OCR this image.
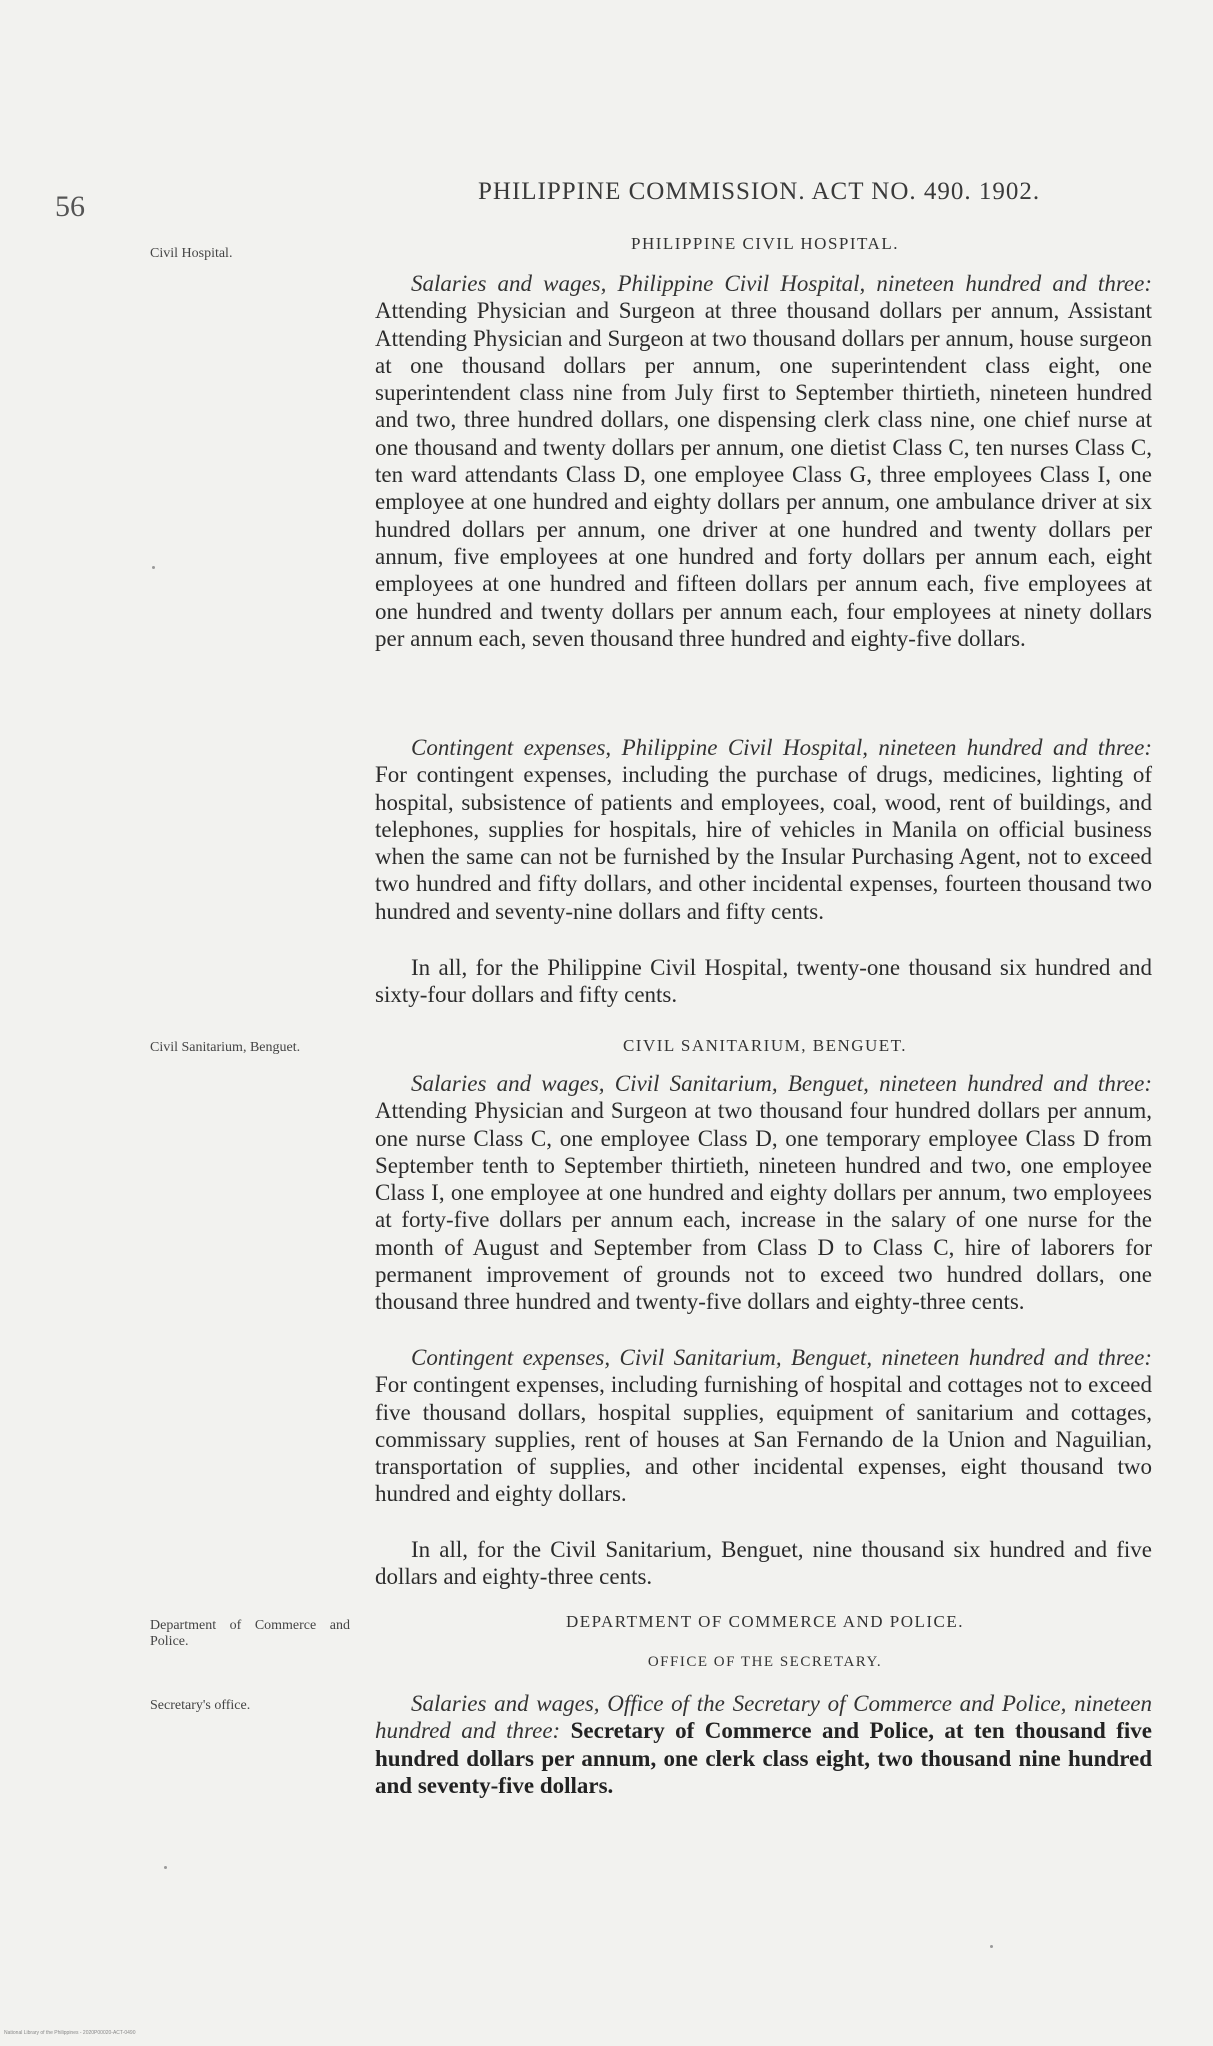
56	PHILIPPINE COMMISSION. ACT NO. 490. 1902.
Civil Hospital.
PHILIPPINE CIVIL HOSPITAL.
Salaries and wages, Philippine Civil Hospital, nineteen hundred and three: Attending Physician and Surgeon at three thousand dollars per annum, Assistant Attending Physician and Surgeon at two thousand dollars per annum, house surgeon at one thousand dollars per annum, one superintendent class eight, one superintendent class nine from July first to September thirtieth, nineteen hundred and two, three hundred dollars, one dispensing clerk class nine, one chief nurse at one thousand and twenty dollars per annum, one dietist Class C, ten nurses Class C, ten ward attendants Class D, one employee Class G, three employees Class I, one employee at one hundred and eighty dollars per annum, one ambulance driver at six hundred dollars per annum, one driver at one hundred and twenty dollars per annum, five employees at one hundred and forty dollars per annum each, eight employees at one hundred and fifteen dollars per annum each, five employees at one hundred and twenty dollars per annum each, four employees at ninety dollars per annum each, seven thousand three hundred and eighty-five dollars.
Contingent expenses, Philippine Civil Hospital, nineteen hundred and three: For contingent expenses, including the purchase of drugs, medicines, lighting of hospital, subsistence of patients and employees, coal, wood, rent of buildings, and telephones, supplies for hospitals, hire of vehicles in Manila on official business when the same can not be furnished by the Insular Purchasing Agent, not to exceed two hundred and fifty dollars, and other incidental expenses, fourteen thousand two hundred and seventy-nine dollars and fifty cents.
In all, for the Philippine Civil Hospital, twenty-one thousand six hundred and sixty-four dollars and fifty cents.
Civil Sanitarium, Benguet.	CIVIL SANITARIUM, BENGUET.
Salaries and wages, Civil Sanitarium, Benguet, nineteen hundred and three: Attending Physician and Surgeon at two thousand four hundred dollars per annum, one nurse Class C, one employee Class D, one temporary employee Class D from September tenth to September thirtieth, nineteen hundred and two, one employee Class I, one employee at one hundred and eighty dollars per annum, two employees at forty-five dollars per annum each, increase in the salary of one nurse for the month of August and September from Class D to Class C, hire of laborers for permanent improvement of grounds not to exceed two hundred dollars, one thousand three hundred and twenty-five dollars and eighty-three cents.
Contingent expenses, Civil Sanitarium, Benguet, nineteen hundred and three: For contingent expenses, including furnishing of hospital and cottages not to exceed five thousand dollars, hospital supplies, equipment of sanitarium and cottages, commissary supplies, rent of houses at San Fernando de la Union and Naguilian, transportation of supplies, and other incidental expenses, eight thousand two hundred and eighty dollars.
In all, for the Civil Sanitarium, Benguet, nine thousand six hundred and five dollars and eighty-three cents.
Department of Commerce and Police.
DEPARTMENT OF COMMERCE AND POLICE.
OFFICE OF THE SECRETARY.
Secretary's office.	Salaries and wages, Office of the Secretary of Commerce and Police, nineteen hundred and three: Secretary of Commerce and Police, at ten thousand five hundred dollars per annum, one clerk class eight, two thousand nine hundred and seventy-five dollars.
National Library of the Philippines - 2020P00020-ACT-0490
